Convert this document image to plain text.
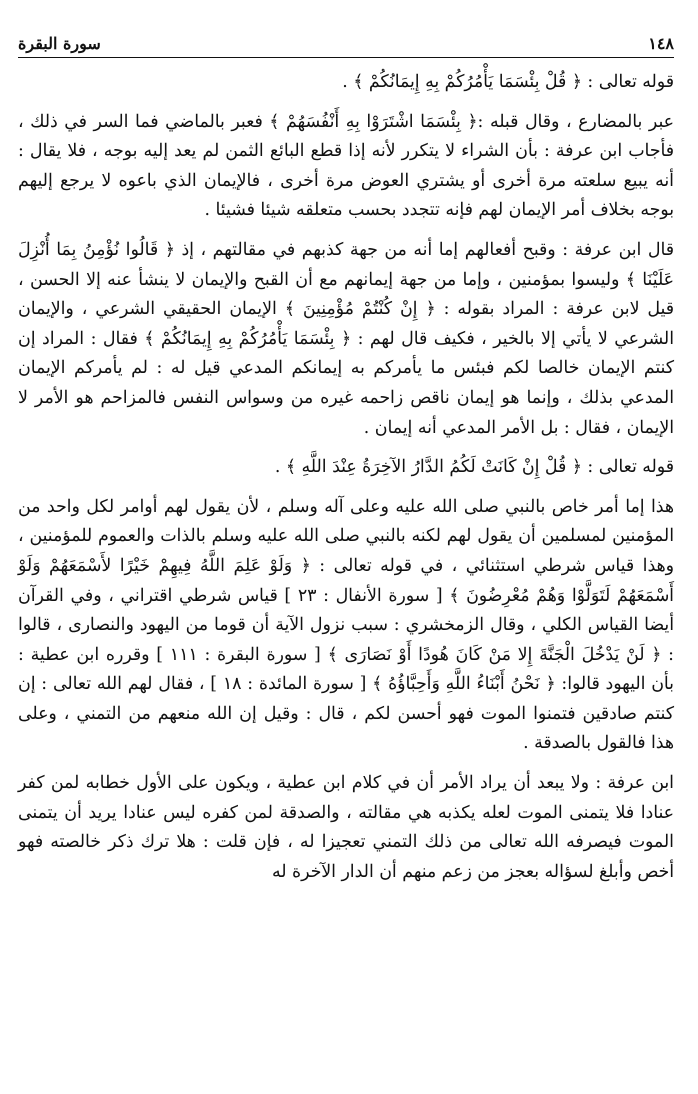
١٤٨
سورة البقرة

قوله تعالى : ﴿ قُلْ بِئْسَمَا يَأْمُرُكُمْ بِهِ إِيمَانُكُمْ ﴾ .

عبر بالمضارع ، وقال قبله :﴿ بِئْسَمَا اشْتَرَوْا بِهِ أَنْفُسَهُمْ ﴾ فعبر بالماضي فما السر في ذلك ، فأجاب ابن عرفة : بأن الشراء لا يتكرر لأنه إذا قطع البائع الثمن لم يعد إليه بوجه ، فلا يقال : أنه يبيع سلعته مرة أخرى أو يشتري العوض مرة أخرى ، فالإيمان الذي باعوه لا يرجع إليهم بوجه بخلاف أمر الإيمان لهم فإنه تتجدد بحسب متعلقه شيئا فشيئا .

قال ابن عرفة : وقبح أفعالهم إما أنه من جهة كذبهم في مقالتهم ، إذ ﴿ قَالُوا نُؤْمِنُ بِمَا أُنْزِلَ عَلَيْنَا ﴾ وليسوا بمؤمنين ، وإما من جهة إيمانهم مع أن القبح والإيمان لا ينشأ عنه إلا الحسن ، قيل لابن عرفة : المراد بقوله : ﴿ إِنْ كُنْتُمْ مُؤْمِنِينَ ﴾ الإيمان الحقيقي الشرعي ، والإيمان الشرعي لا يأتي إلا بالخير ، فكيف قال لهم : ﴿ بِئْسَمَا يَأْمُرُكُمْ بِهِ إِيمَانُكُمْ ﴾ فقال : المراد إن كنتم الإيمان خالصا لكم فبئس ما يأمركم به إيمانكم المدعي قيل له : لم يأمركم الإيمان المدعي بذلك ، وإنما هو إيمان ناقص زاحمه غيره من وسواس النفس فالمزاحم هو الأمر لا الإيمان ، فقال : بل الأمر المدعي أنه إيمان .

قوله تعالى : ﴿ قُلْ إِنْ كَانَتْ لَكُمُ الدَّارُ الآخِرَةُ عِنْدَ اللَّهِ ﴾ .

هذا إما أمر خاص بالنبي صلى الله عليه وعلى آله وسلم ، لأن يقول لهم أوامر لكل واحد من المؤمنين لمسلمين أن يقول لهم لكنه بالنبي صلى الله عليه وسلم بالذات والعموم للمؤمنين ، وهذا قياس شرطي استثنائي ، في قوله تعالى : ﴿ وَلَوْ عَلِمَ اللَّهُ فِيهِمْ خَيْرًا لأَسْمَعَهُمْ وَلَوْ أَسْمَعَهُمْ لَتَوَلَّوْا وَهُمْ مُعْرِضُونَ ﴾ [ سورة الأنفال : ٢٣ ] قياس شرطي اقتراني ، وفي القرآن أيضا القياس الكلي ، وقال الزمخشري : سبب نزول الآية أن قوما من اليهود والنصارى ، قالوا : ﴿ لَنْ يَدْخُلَ الْجَنَّةَ إِلا مَنْ كَانَ هُودًا أَوْ نَصَارَى ﴾ [ سورة البقرة : ١١١ ] وقرره ابن عطية : بأن اليهود قالوا: ﴿ نَحْنُ أَبْنَاءُ اللَّهِ وَأَحِبَّاؤُهُ ﴾ [ سورة المائدة : ١٨ ] ، فقال لهم الله تعالى : إن كنتم صادقين فتمنوا الموت فهو أحسن لكم ، قال : وقيل إن الله منعهم من التمني ، وعلى هذا فالقول بالصدقة .

ابن عرفة : ولا يبعد أن يراد الأمر أن في كلام ابن عطية ، ويكون على الأول خطابه لمن كفر عنادا فلا يتمنى الموت لعله يكذبه هي مقالته ، والصدقة لمن كفره ليس عنادا يريد أن يتمنى الموت فيصرفه الله تعالى من ذلك التمني تعجيزا له ، فإن قلت : هلا ترك ذكر خالصته فهو أخص وأبلغ لسؤاله بعجز من زعم منهم أن الدار الآخرة له
